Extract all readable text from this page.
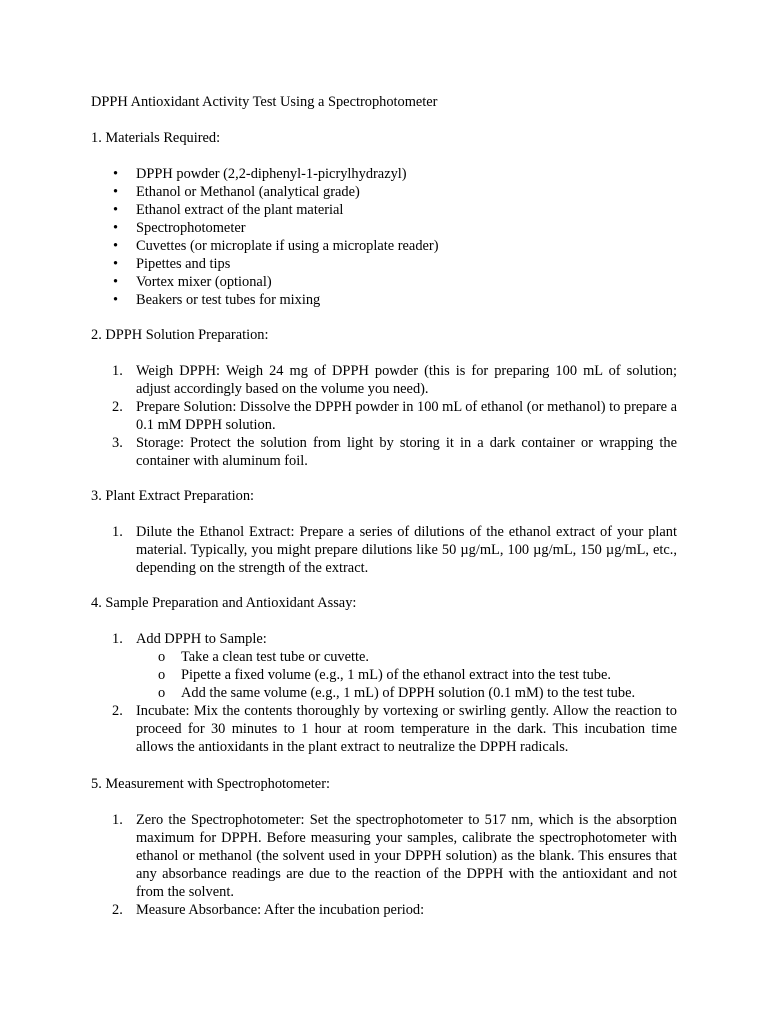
DPPH Antioxidant Activity Test Using a Spectrophotometer
1. Materials Required:
• DPPH powder (2,2-diphenyl-1-picrylhydrazyl)
• Ethanol or Methanol (analytical grade)
• Ethanol extract of the plant material
• Spectrophotometer
• Cuvettes (or microplate if using a microplate reader)
• Pipettes and tips
• Vortex mixer (optional)
• Beakers or test tubes for mixing
2. DPPH Solution Preparation:
1. Weigh DPPH: Weigh 24 mg of DPPH powder (this is for preparing 100 mL of solution; adjust accordingly based on the volume you need).
2. Prepare Solution: Dissolve the DPPH powder in 100 mL of ethanol (or methanol) to prepare a 0.1 mM DPPH solution.
3. Storage: Protect the solution from light by storing it in a dark container or wrapping the container with aluminum foil.
3. Plant Extract Preparation:
1. Dilute the Ethanol Extract: Prepare a series of dilutions of the ethanol extract of your plant material. Typically, you might prepare dilutions like 50 µg/mL, 100 µg/mL, 150 µg/mL, etc., depending on the strength of the extract.
4. Sample Preparation and Antioxidant Assay:
1. Add DPPH to Sample:
o Take a clean test tube or cuvette.
o Pipette a fixed volume (e.g., 1 mL) of the ethanol extract into the test tube.
o Add the same volume (e.g., 1 mL) of DPPH solution (0.1 mM) to the test tube.
2. Incubate: Mix the contents thoroughly by vortexing or swirling gently. Allow the reaction to proceed for 30 minutes to 1 hour at room temperature in the dark. This incubation time allows the antioxidants in the plant extract to neutralize the DPPH radicals.
5. Measurement with Spectrophotometer:
1. Zero the Spectrophotometer: Set the spectrophotometer to 517 nm, which is the absorption maximum for DPPH. Before measuring your samples, calibrate the spectrophotometer with ethanol or methanol (the solvent used in your DPPH solution) as the blank. This ensures that any absorbance readings are due to the reaction of the DPPH with the antioxidant and not from the solvent.
2. Measure Absorbance: After the incubation period:
